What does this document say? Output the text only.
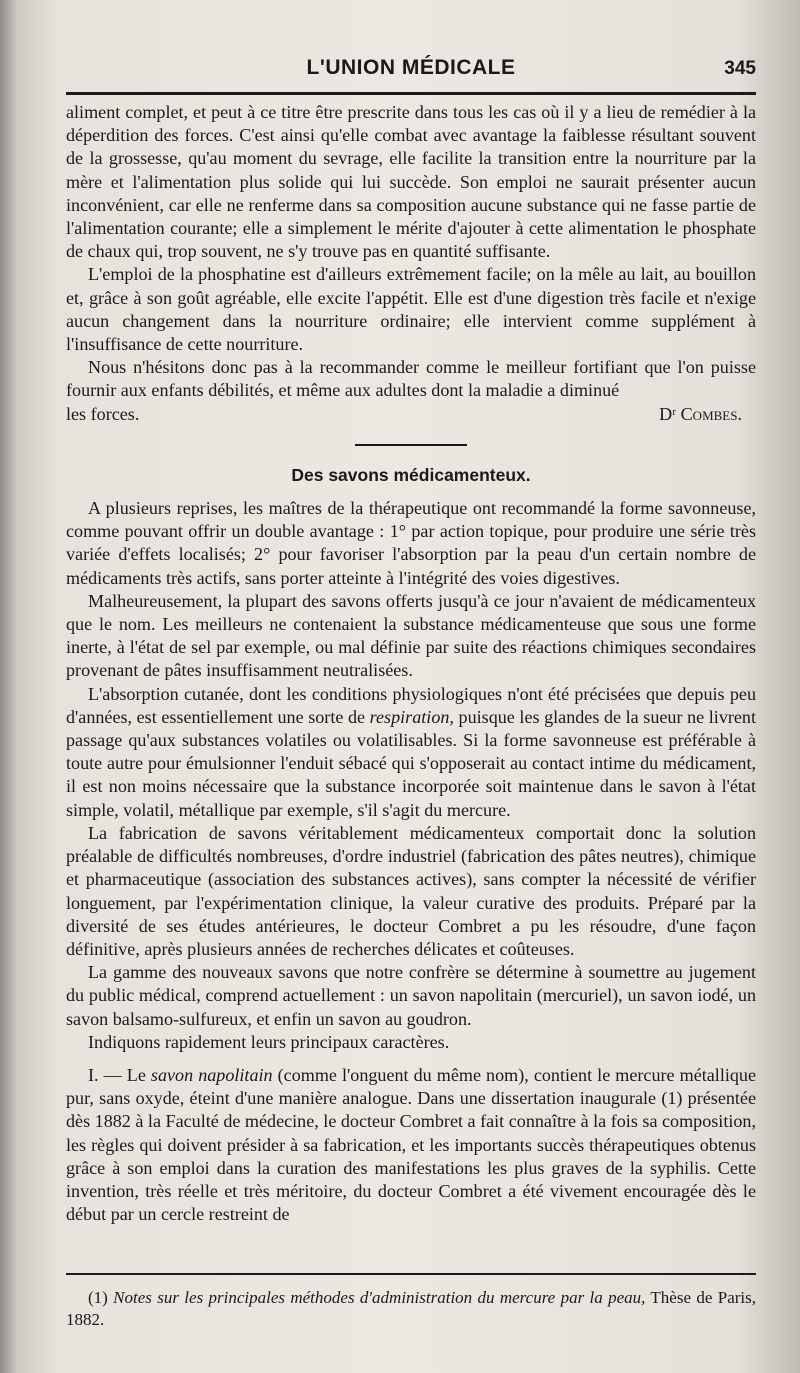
L'UNION MÉDICALE	345

aliment complet, et peut à ce titre être prescrite dans tous les cas où il y a lieu de remédier à la déperdition des forces. C'est ainsi qu'elle combat avec avantage la faiblesse résultant souvent de la grossesse, qu'au moment du sevrage, elle facilite la transition entre la nourriture par la mère et l'alimentation plus solide qui lui succède. Son emploi ne saurait présenter aucun inconvénient, car elle ne renferme dans sa composition aucune substance qui ne fasse partie de l'alimentation courante; elle a simplement le mérite d'ajouter à cette alimentation le phosphate de chaux qui, trop souvent, ne s'y trouve pas en quantité suffisante.

L'emploi de la phosphatine est d'ailleurs extrêmement facile; on la mêle au lait, au bouillon et, grâce à son goût agréable, elle excite l'appétit. Elle est d'une digestion très facile et n'exige aucun changement dans la nourriture ordinaire; elle intervient comme supplément à l'insuffisance de cette nourriture.

Nous n'hésitons donc pas à la recommander comme le meilleur fortifiant que l'on puisse fournir aux enfants débilités, et même aux adultes dont la maladie a diminué

les forces.	Dʳ Combes.
Des savons médicamenteux.

A plusieurs reprises, les maîtres de la thérapeutique ont recommandé la forme savonneuse, comme pouvant offrir un double avantage : 1° par action topique, pour produire une série très variée d'effets localisés; 2° pour favoriser l'absorption par la peau d'un certain nombre de médicaments très actifs, sans porter atteinte à l'intégrité des voies digestives.

Malheureusement, la plupart des savons offerts jusqu'à ce jour n'avaient de médicamenteux que le nom. Les meilleurs ne contenaient la substance médicamenteuse que sous une forme inerte, à l'état de sel par exemple, ou mal définie par suite des réactions chimiques secondaires provenant de pâtes insuffisamment neutralisées.

L'absorption cutanée, dont les conditions physiologiques n'ont été précisées que depuis peu d'années, est essentiellement une sorte de respiration, puisque les glandes de la sueur ne livrent passage qu'aux substances volatiles ou volatilisables. Si la forme savonneuse est préférable à toute autre pour émulsionner l'enduit sébacé qui s'opposerait au contact intime du médicament, il est non moins nécessaire que la substance incorporée soit maintenue dans le savon à l'état simple, volatil, métallique par exemple, s'il s'agit du mercure.

La fabrication de savons véritablement médicamenteux comportait donc la solution préalable de difficultés nombreuses, d'ordre industriel (fabrication des pâtes neutres), chimique et pharmaceutique (association des substances actives), sans compter la nécessité de vérifier longuement, par l'expérimentation clinique, la valeur curative des produits. Préparé par la diversité de ses études antérieures, le docteur Combret a pu les résoudre, d'une façon définitive, après plusieurs années de recherches délicates et coûteuses.

La gamme des nouveaux savons que notre confrère se détermine à soumettre au jugement du public médical, comprend actuellement : un savon napolitain (mercuriel), un savon iodé, un savon balsamo-sulfureux, et enfin un savon au goudron.

Indiquons rapidement leurs principaux caractères.

I. — Le savon napolitain (comme l'onguent du même nom), contient le mercure métallique pur, sans oxyde, éteint d'une manière analogue. Dans une dissertation inaugurale (1) présentée dès 1882 à la Faculté de médecine, le docteur Combret a fait connaître à la fois sa composition, les règles qui doivent présider à sa fabrication, et les importants succès thérapeutiques obtenus grâce à son emploi dans la curation des manifestations les plus graves de la syphilis. Cette invention, très réelle et très méritoire, du docteur Combret a été vivement encouragée dès le début par un cercle restreint de

(1) Notes sur les principales méthodes d'administration du mercure par la peau, Thèse de Paris, 1882.
